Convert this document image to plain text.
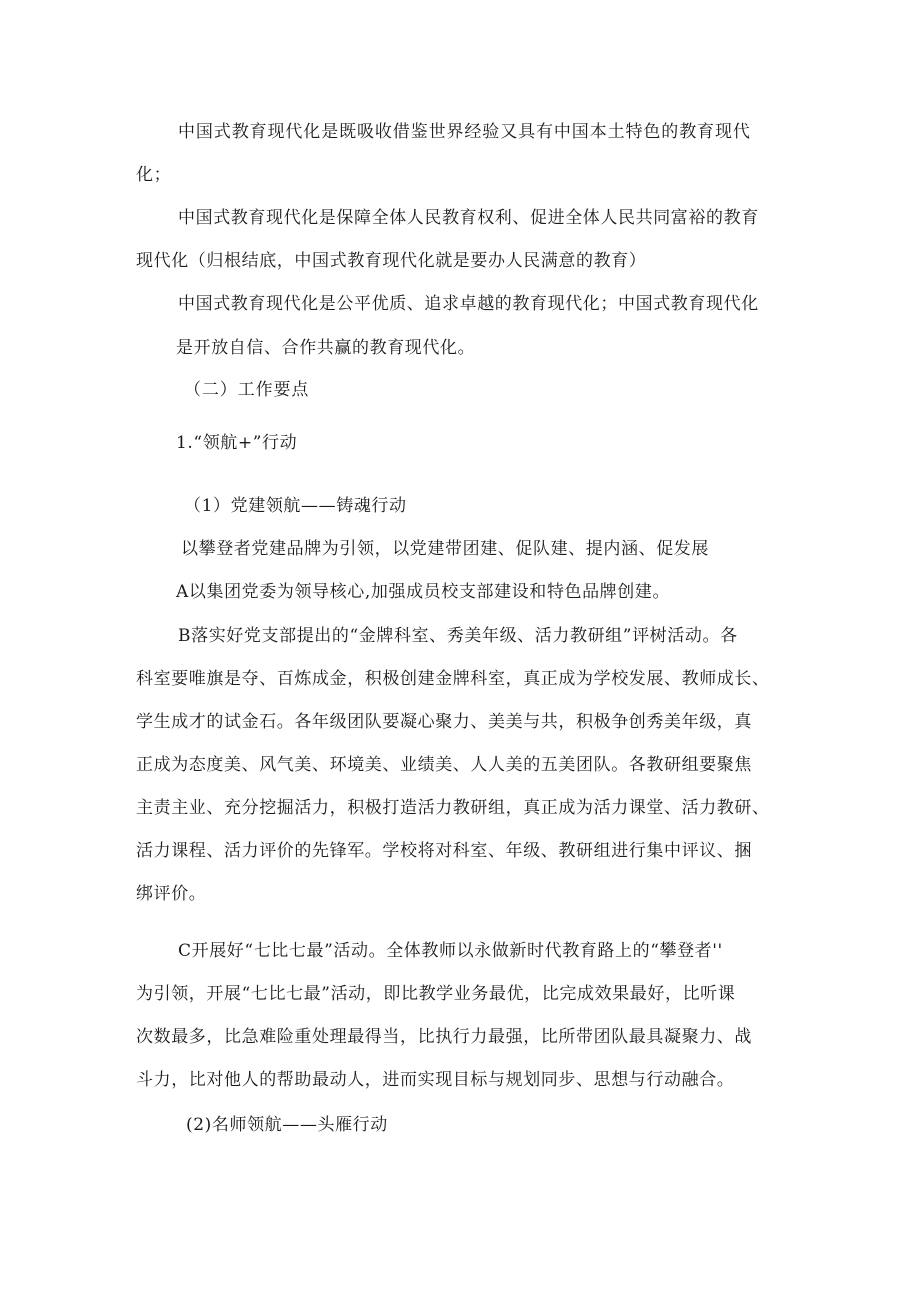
中国式教育现代化是既吸收借鉴世界经验又具有中国本土特色的教育现代
化；
中国式教育现代化是保障全体人民教育权利、促进全体人民共同富裕的教育
现代化（归根结底，中国式教育现代化就是要办人民满意的教育）
中国式教育现代化是公平优质、追求卓越的教育现代化；中国式教育现代化
是开放自信、合作共赢的教育现代化。
（二）工作要点
1.“领航+”行动
（1）党建领航——铸魂行动
以攀登者党建品牌为引领，以党建带团建、促队建、提内涵、促发展
A以集团党委为领导核心,加强成员校支部建设和特色品牌创建。
B落实好党支部提出的“金牌科室、秀美年级、活力教研组”评树活动。各
科室要唯旗是夺、百炼成金，积极创建金牌科室，真正成为学校发展、教师成长、
学生成才的试金石。各年级团队要凝心聚力、美美与共，积极争创秀美年级，真
正成为态度美、风气美、环境美、业绩美、人人美的五美团队。各教研组要聚焦
主责主业、充分挖掘活力，积极打造活力教研组，真正成为活力课堂、活力教研、
活力课程、活力评价的先锋军。学校将对科室、年级、教研组进行集中评议、捆
绑评价。
C开展好“七比七最”活动。全体教师以永做新时代教育路上的“攀登者''
为引领，开展“七比七最”活动，即比教学业务最优，比完成效果最好，比听课
次数最多，比急难险重处理最得当，比执行力最强，比所带团队最具凝聚力、战
斗力，比对他人的帮助最动人，进而实现目标与规划同步、思想与行动融合。
(2)名师领航——头雁行动
